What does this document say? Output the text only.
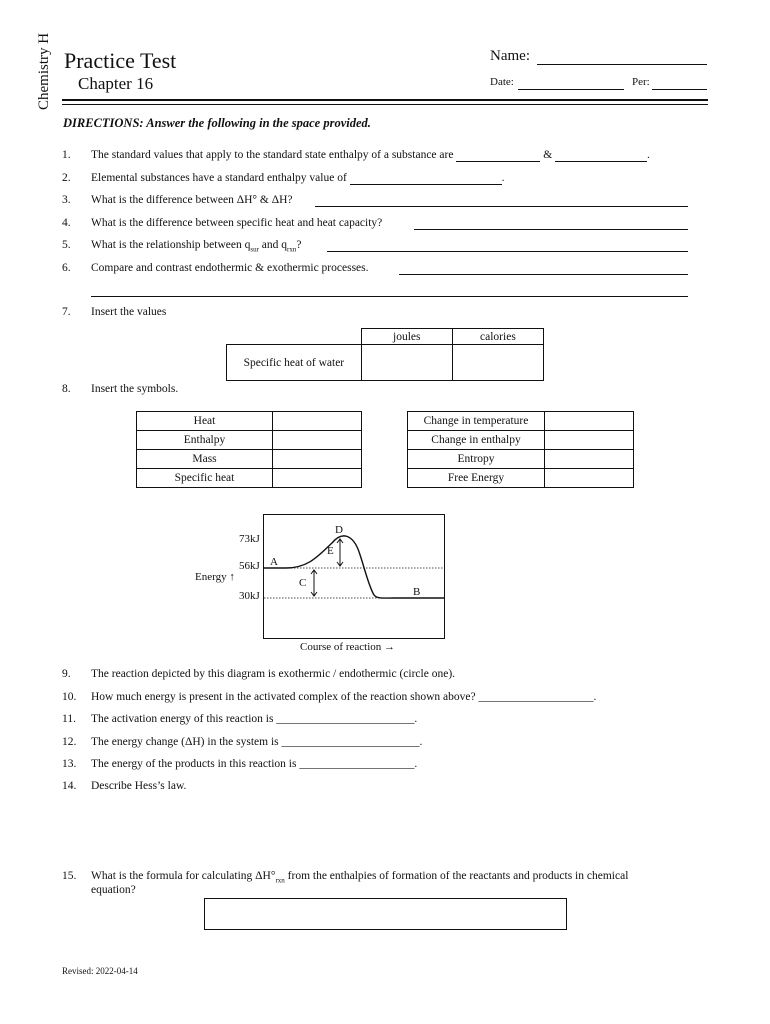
Chemistry H Practice Test
Chapter 16
Name:
Date:	Per:
DIRECTIONS: Answer the following in the space provided.
1. The standard values that apply to the standard state enthalpy of a substance are	&	.
2. Elemental substances have a standard enthalpy value of	.
3. What is the difference between ΔH° & ΔH?
4. What is the difference between specific heat and heat capacity?
5. What is the relationship between $q_{sur}$ and $q_{rxn}$?
6. Compare and contrast endothermic & exothermic processes.
7. Insert the values
	joules	calories
Specific heat of water		
8. Insert the symbols.
Heat	
Enthalpy	
Mass	
Specific heat	
Change in temperature	
Change in enthalpy	
Entropy	
Free Energy	
73kJ
56kJ
30kJ
Energy ↑
A
B
C
D
E
Course of reaction →
9. The reaction depicted by this diagram is exothermic / endothermic (circle one).
10. How much energy is present in the activated complex of the reaction shown above? ____________________.
11. The activation energy of this reaction is ________________________.
12. The energy change (ΔH) in the system is ________________________.
13. The energy of the products in this reaction is ____________________.
14. Describe Hess’s law.
15. What is the formula for calculating $\Delta H^\circ_{rxn}$ from the enthalpies of formation of the reactants and products in chemical
equation?
Revised: 2022-04-14
